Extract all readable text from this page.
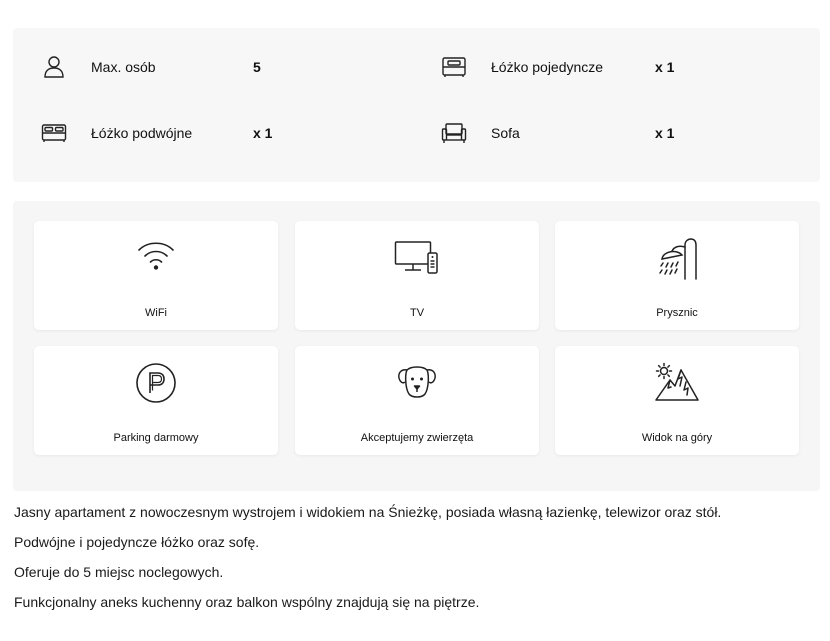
Max. osób	5	Łóżko pojedyncze	x 1
Łóżko podwójne	x 1	Sofa	x 1
WiFi	TV	Prysznic
Parking darmowy	Akceptujemy zwierzęta	Widok na góry

Jasny apartament z nowoczesnym wystrojem i widokiem na Śnieżkę, posiada własną łazienkę, telewizor oraz stół.

Podwójne i pojedyncze łóżko oraz sofę.

Oferuje do 5 miejsc noclegowych.

Funkcjonalny aneks kuchenny oraz balkon wspólny znajdują się na piętrze.
